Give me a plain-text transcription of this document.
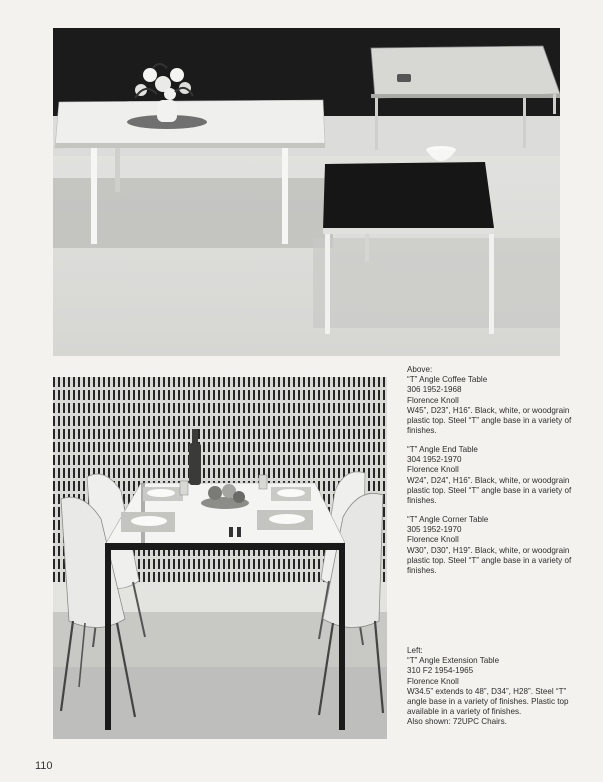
Above:
“T” Angle Coffee Table
306 1952-1968
Florence Knoll
W45”, D23”, H16”. Black, white, or woodgrain plastic top. Steel “T” angle base in a variety of finishes.
“T” Angle End Table
304 1952-1970
Florence Knoll
W24”, D24”, H16”. Black, white, or woodgrain plastic top. Steel “T” angle base in a variety of finishes.
“T” Angle Corner Table
305 1952-1970
Florence Knoll
W30”, D30”, H19”. Black, white, or woodgrain plastic top. Steel “T” angle base in a variety of finishes.
Left:
“T” Angle Extension Table
310 F2 1954-1965
Florence Knoll
W34.5” extends to 48”, D34”, H28”. Steel “T” angle base in a variety of finishes. Plastic top available in a variety of finishes.
Also shown: 72UPC Chairs.
110
